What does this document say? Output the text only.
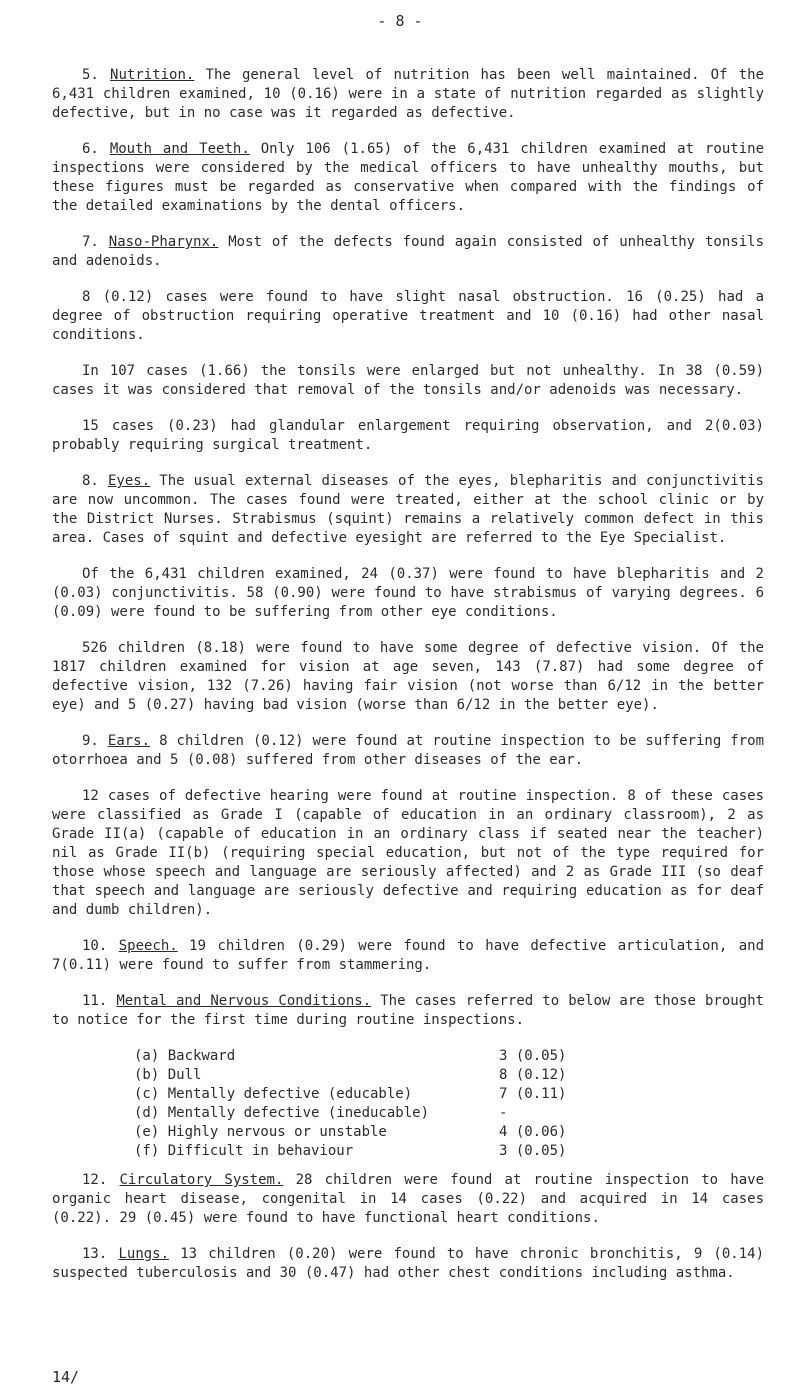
- 8 -

5. Nutrition. The general level of nutrition has been well maintained. Of the 6,431 children examined, 10 (0.16) were in a state of nutrition regarded as slightly defective, but in no case was it regarded as defective.

6. Mouth and Teeth. Only 106 (1.65) of the 6,431 children examined at routine inspections were considered by the medical officers to have unhealthy mouths, but these figures must be regarded as conservative when compared with the findings of the detailed examinations by the dental officers.

7. Naso-Pharynx. Most of the defects found again consisted of unhealthy tonsils and adenoids.

8 (0.12) cases were found to have slight nasal obstruction. 16 (0.25) had a degree of obstruction requiring operative treatment and 10 (0.16) had other nasal conditions.

In 107 cases (1.66) the tonsils were enlarged but not unhealthy. In 38 (0.59) cases it was considered that removal of the tonsils and/or adenoids was necessary.

15 cases (0.23) had glandular enlargement requiring observation, and 2(0.03) probably requiring surgical treatment.

8. Eyes. The usual external diseases of the eyes, blepharitis and conjunctivitis are now uncommon. The cases found were treated, either at the school clinic or by the District Nurses. Strabismus (squint) remains a relatively common defect in this area. Cases of squint and defective eyesight are referred to the Eye Specialist.

Of the 6,431 children examined, 24 (0.37) were found to have blepharitis and 2 (0.03) conjunctivitis. 58 (0.90) were found to have strabismus of varying degrees. 6 (0.09) were found to be suffering from other eye conditions.

526 children (8.18) were found to have some degree of defective vision. Of the 1817 children examined for vision at age seven, 143 (7.87) had some degree of defective vision, 132 (7.26) having fair vision (not worse than 6/12 in the better eye) and 5 (0.27) having bad vision (worse than 6/12 in the better eye).

9. Ears. 8 children (0.12) were found at routine inspection to be suffering from otorrhoea and 5 (0.08) suffered from other diseases of the ear.

12 cases of defective hearing were found at routine inspection. 8 of these cases were classified as Grade I (capable of education in an ordinary classroom), 2 as Grade II(a) (capable of education in an ordinary class if seated near the teacher) nil as Grade II(b) (requiring special education, but not of the type required for those whose speech and language are seriously affected) and 2 as Grade III (so deaf that speech and language are seriously defective and requiring education as for deaf and dumb children).

10. Speech. 19 children (0.29) were found to have defective articulation, and 7(0.11) were found to suffer from stammering.

11. Mental and Nervous Conditions. The cases referred to below are those brought to notice for the first time during routine inspections.

(a) Backward	3 (0.05)
(b) Dull	8 (0.12)
(c) Mentally defective (educable)	7 (0.11)
(d) Mentally defective (ineducable)	-
(e) Highly nervous or unstable	4 (0.06)
(f) Difficult in behaviour	3 (0.05)

12. Circulatory System. 28 children were found at routine inspection to have organic heart disease, congenital in 14 cases (0.22) and acquired in 14 cases (0.22). 29 (0.45) were found to have functional heart conditions.

13. Lungs. 13 children (0.20) were found to have chronic bronchitis, 9 (0.14) suspected tuberculosis and 30 (0.47) had other chest conditions including asthma.

14/
